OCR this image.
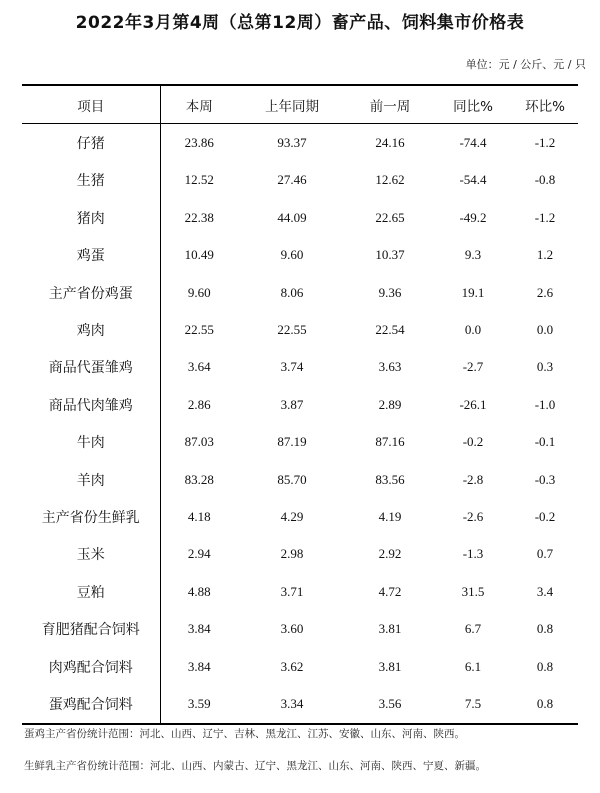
2022年3月第4周（总第12周）畜产品、饲料集市价格表
单位：元 / 公斤、元 / 只
项目	本周	上年同期	前一周	同比%	环比%
仔猪	23.86	93.37	24.16	-74.4	-1.2
生猪	12.52	27.46	12.62	-54.4	-0.8
猪肉	22.38	44.09	22.65	-49.2	-1.2
鸡蛋	10.49	9.60	10.37	9.3	1.2
主产省份鸡蛋	9.60	8.06	9.36	19.1	2.6
鸡肉	22.55	22.55	22.54	0.0	0.0
商品代蛋雏鸡	3.64	3.74	3.63	-2.7	0.3
商品代肉雏鸡	2.86	3.87	2.89	-26.1	-1.0
牛肉	87.03	87.19	87.16	-0.2	-0.1
羊肉	83.28	85.70	83.56	-2.8	-0.3
主产省份生鲜乳	4.18	4.29	4.19	-2.6	-0.2
玉米	2.94	2.98	2.92	-1.3	0.7
豆粕	4.88	3.71	4.72	31.5	3.4
育肥猪配合饲料	3.84	3.60	3.81	6.7	0.8
肉鸡配合饲料	3.84	3.62	3.81	6.1	0.8
蛋鸡配合饲料	3.59	3.34	3.56	7.5	0.8
蛋鸡主产省份统计范围：河北、山西、辽宁、吉林、黑龙江、江苏、安徽、山东、河南、陕西。
生鲜乳主产省份统计范围：河北、山西、内蒙古、辽宁、黑龙江、山东、河南、陕西、宁夏、新疆。
